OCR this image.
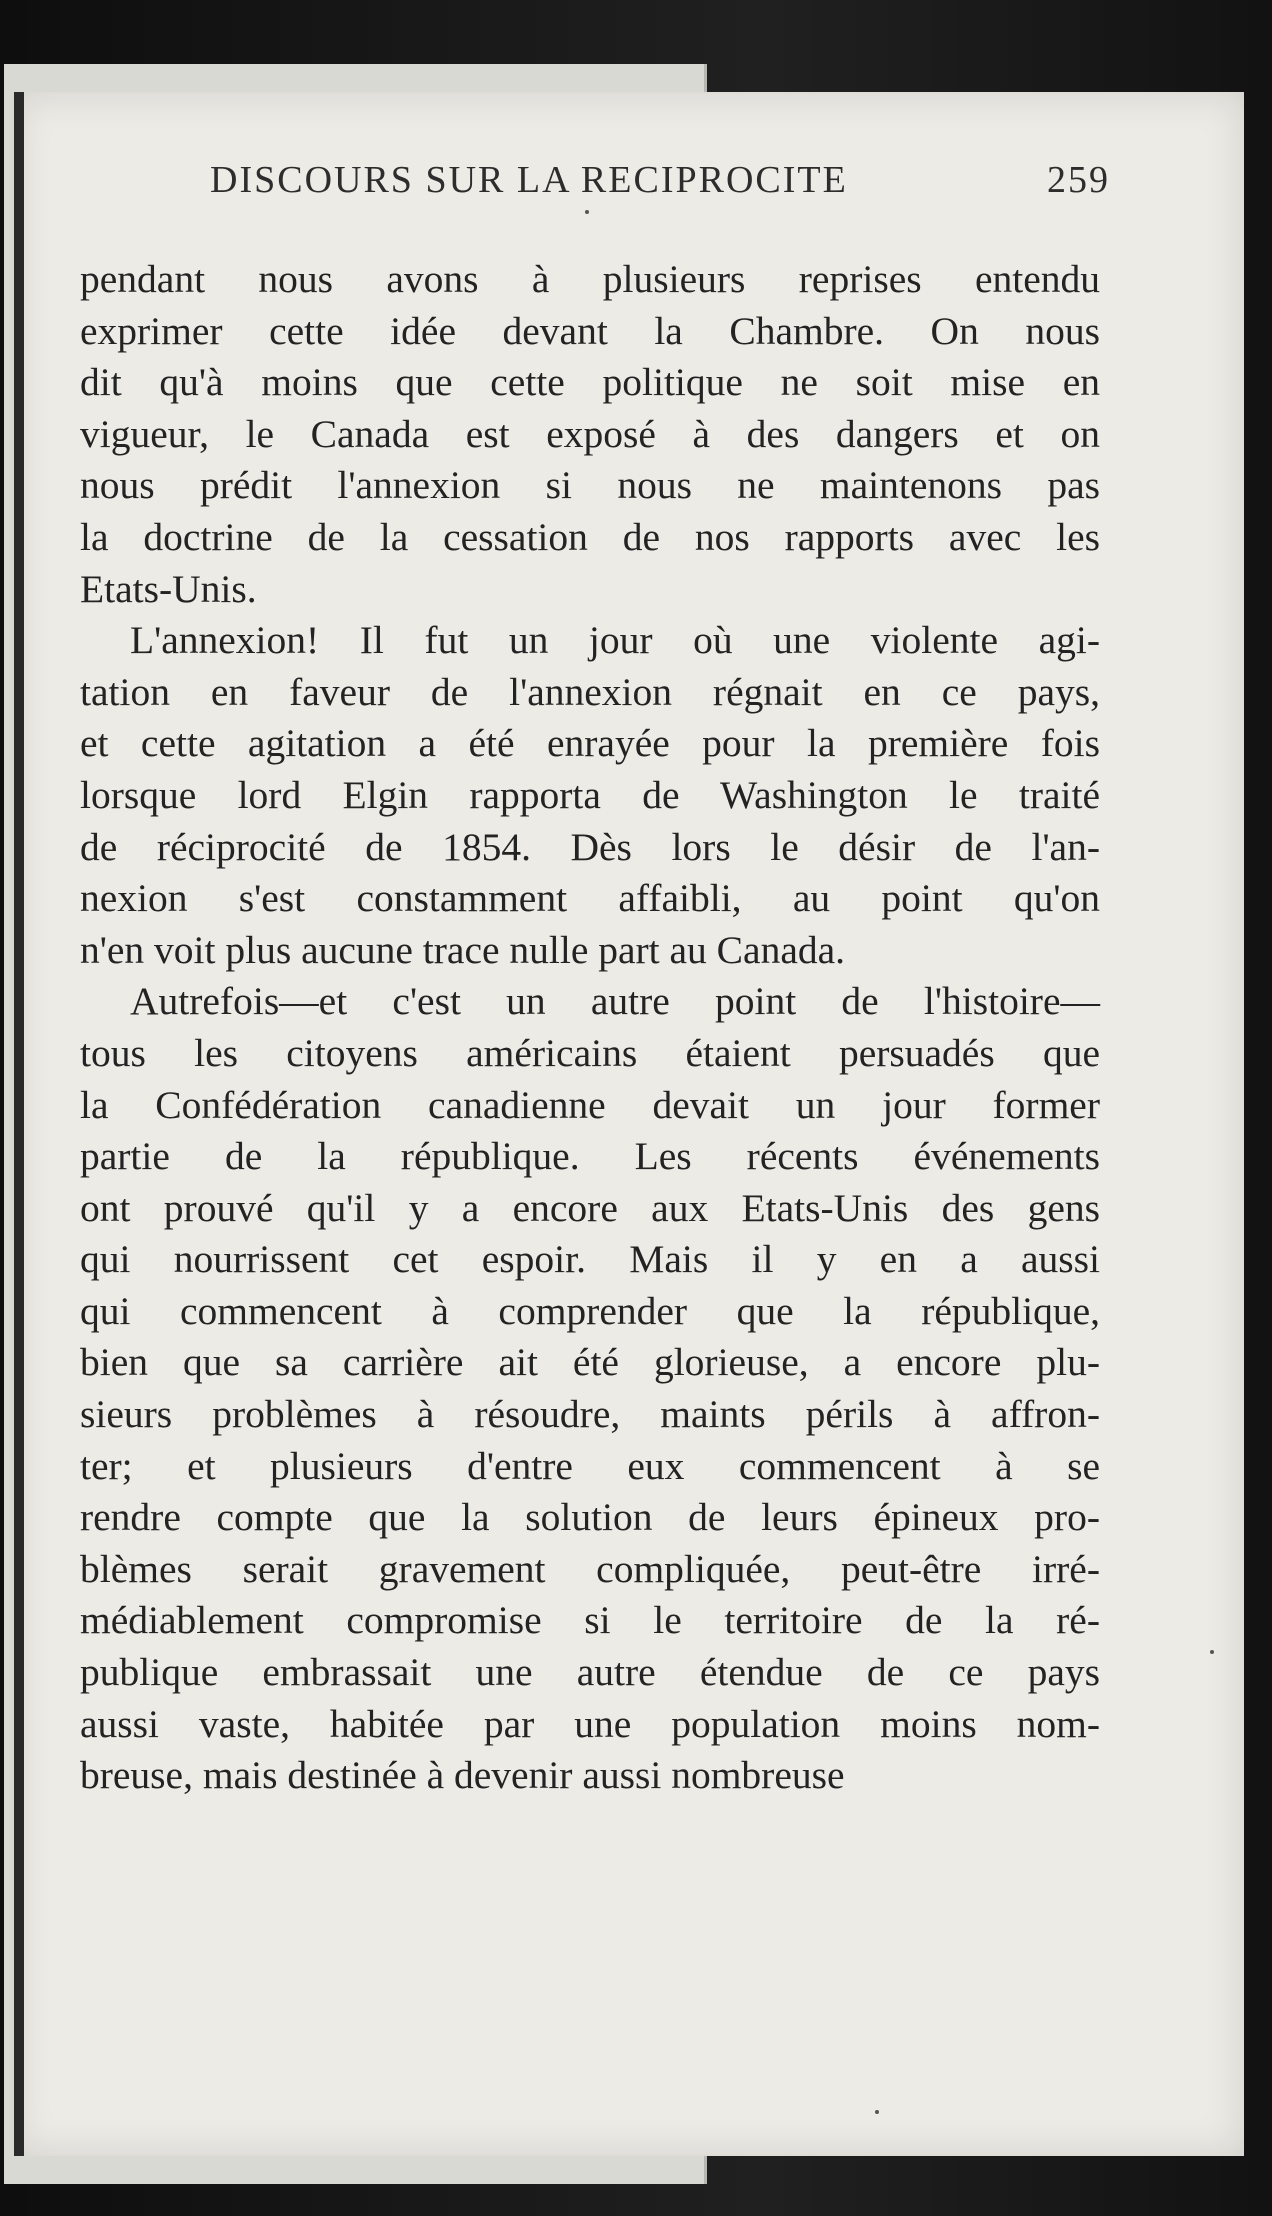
DISCOURS SUR LA RECIPROCITE	259
pendant nous avons à plusieurs reprises entendu
exprimer cette idée devant la Chambre. On nous
dit qu'à moins que cette politique ne soit mise en
vigueur, le Canada est exposé à des dangers et on
nous prédit l'annexion si nous ne maintenons pas
la doctrine de la cessation de nos rapports avec les
Etats-Unis.
L'annexion! Il fut un jour où une violente agi-
tation en faveur de l'annexion régnait en ce pays,
et cette agitation a été enrayée pour la première fois
lorsque lord Elgin rapporta de Washington le traité
de réciprocité de 1854. Dès lors le désir de l'an-
nexion s'est constamment affaibli, au point qu'on
n'en voit plus aucune trace nulle part au Canada.
Autrefois—et c'est un autre point de l'histoire—
tous les citoyens américains étaient persuadés que
la Confédération canadienne devait un jour former
partie de la république. Les récents événements
ont prouvé qu'il y a encore aux Etats-Unis des gens
qui nourrissent cet espoir. Mais il y en a aussi
qui commencent à comprender que la république,
bien que sa carrière ait été glorieuse, a encore plu-
sieurs problèmes à résoudre, maints périls à affron-
ter; et plusieurs d'entre eux commencent à se
rendre compte que la solution de leurs épineux pro-
blèmes serait gravement compliquée, peut-être irré-
médiablement compromise si le territoire de la ré-
publique embrassait une autre étendue de ce pays
aussi vaste, habitée par une population moins nom-
breuse, mais destinée à devenir aussi nombreuse
